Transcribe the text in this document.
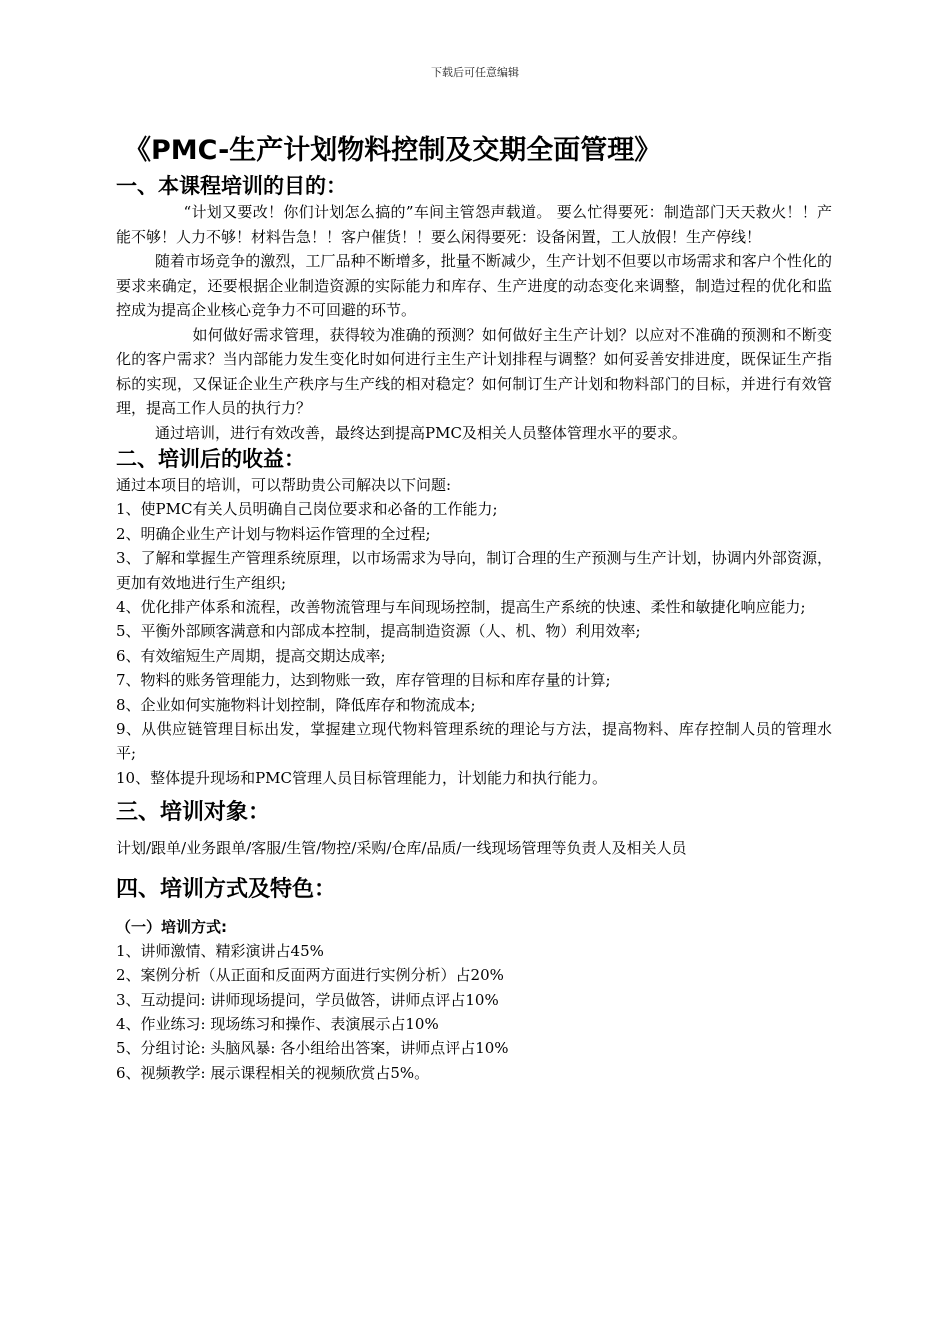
下载后可任意编辑
《PMC-生产计划物料控制及交期全面管理》
一、本课程培训的目的：

“计划又要改！你们计划怎么搞的”车间主管怨声载道。 要么忙得要死：制造部门天天救火！！产能不够！人力不够！材料告急！！客户催货！！要么闲得要死：设备闲置，工人放假！生产停线！

随着市场竞争的激烈，工厂品种不断增多，批量不断减少，生产计划不但要以市场需求和客户个性化的要求来确定，还要根据企业制造资源的实际能力和库存、生产进度的动态变化来调整，制造过程的优化和监控成为提高企业核心竞争力不可回避的环节。

如何做好需求管理，获得较为准确的预测？如何做好主生产计划？以应对不准确的预测和不断变化的客户需求？当内部能力发生变化时如何进行主生产计划排程与调整？如何妥善安排进度，既保证生产指标的实现，又保证企业生产秩序与生产线的相对稳定？如何制订生产计划和物料部门的目标，并进行有效管理，提高工作人员的执行力？

通过培训，进行有效改善，最终达到提高PMC及相关人员整体管理水平的要求。

二、培训后的收益：

通过本项目的培训，可以帮助贵公司解决以下问题:

1、使PMC有关人员明确自己岗位要求和必备的工作能力;

2、明确企业生产计划与物料运作管理的全过程;

3、了解和掌握生产管理系统原理，以市场需求为导向，制订合理的生产预测与生产计划，协调内外部资源，更加有效地进行生产组织;

4、优化排产体系和流程，改善物流管理与车间现场控制，提高生产系统的快速、柔性和敏捷化响应能力;

5、平衡外部顾客满意和内部成本控制，提高制造资源（人、机、物）利用效率;

6、有效缩短生产周期，提高交期达成率;

7、物料的账务管理能力，达到物账一致，库存管理的目标和库存量的计算;

8、企业如何实施物料计划控制，降低库存和物流成本;

9、从供应链管理目标出发，掌握建立现代物料管理系统的理论与方法，提高物料、库存控制人员的管理水平;

10、整体提升现场和PMC管理人员目标管理能力，计划能力和执行能力。

三、培训对象：

计划/跟单/业务跟单/客服/生管/物控/采购/仓库/品质/一线现场管理等负责人及相关人员

四、培训方式及特色：
（一）培训方式:

1、讲师激情、精彩演讲占45%

2、案例分析（从正面和反面两方面进行实例分析）占20%

3、互动提问: 讲师现场提问，学员做答，讲师点评占10%

4、作业练习: 现场练习和操作、表演展示占10%

5、分组讨论: 头脑风暴: 各小组给出答案，讲师点评占10%

6、视频教学: 展示课程相关的视频欣赏占5%。
